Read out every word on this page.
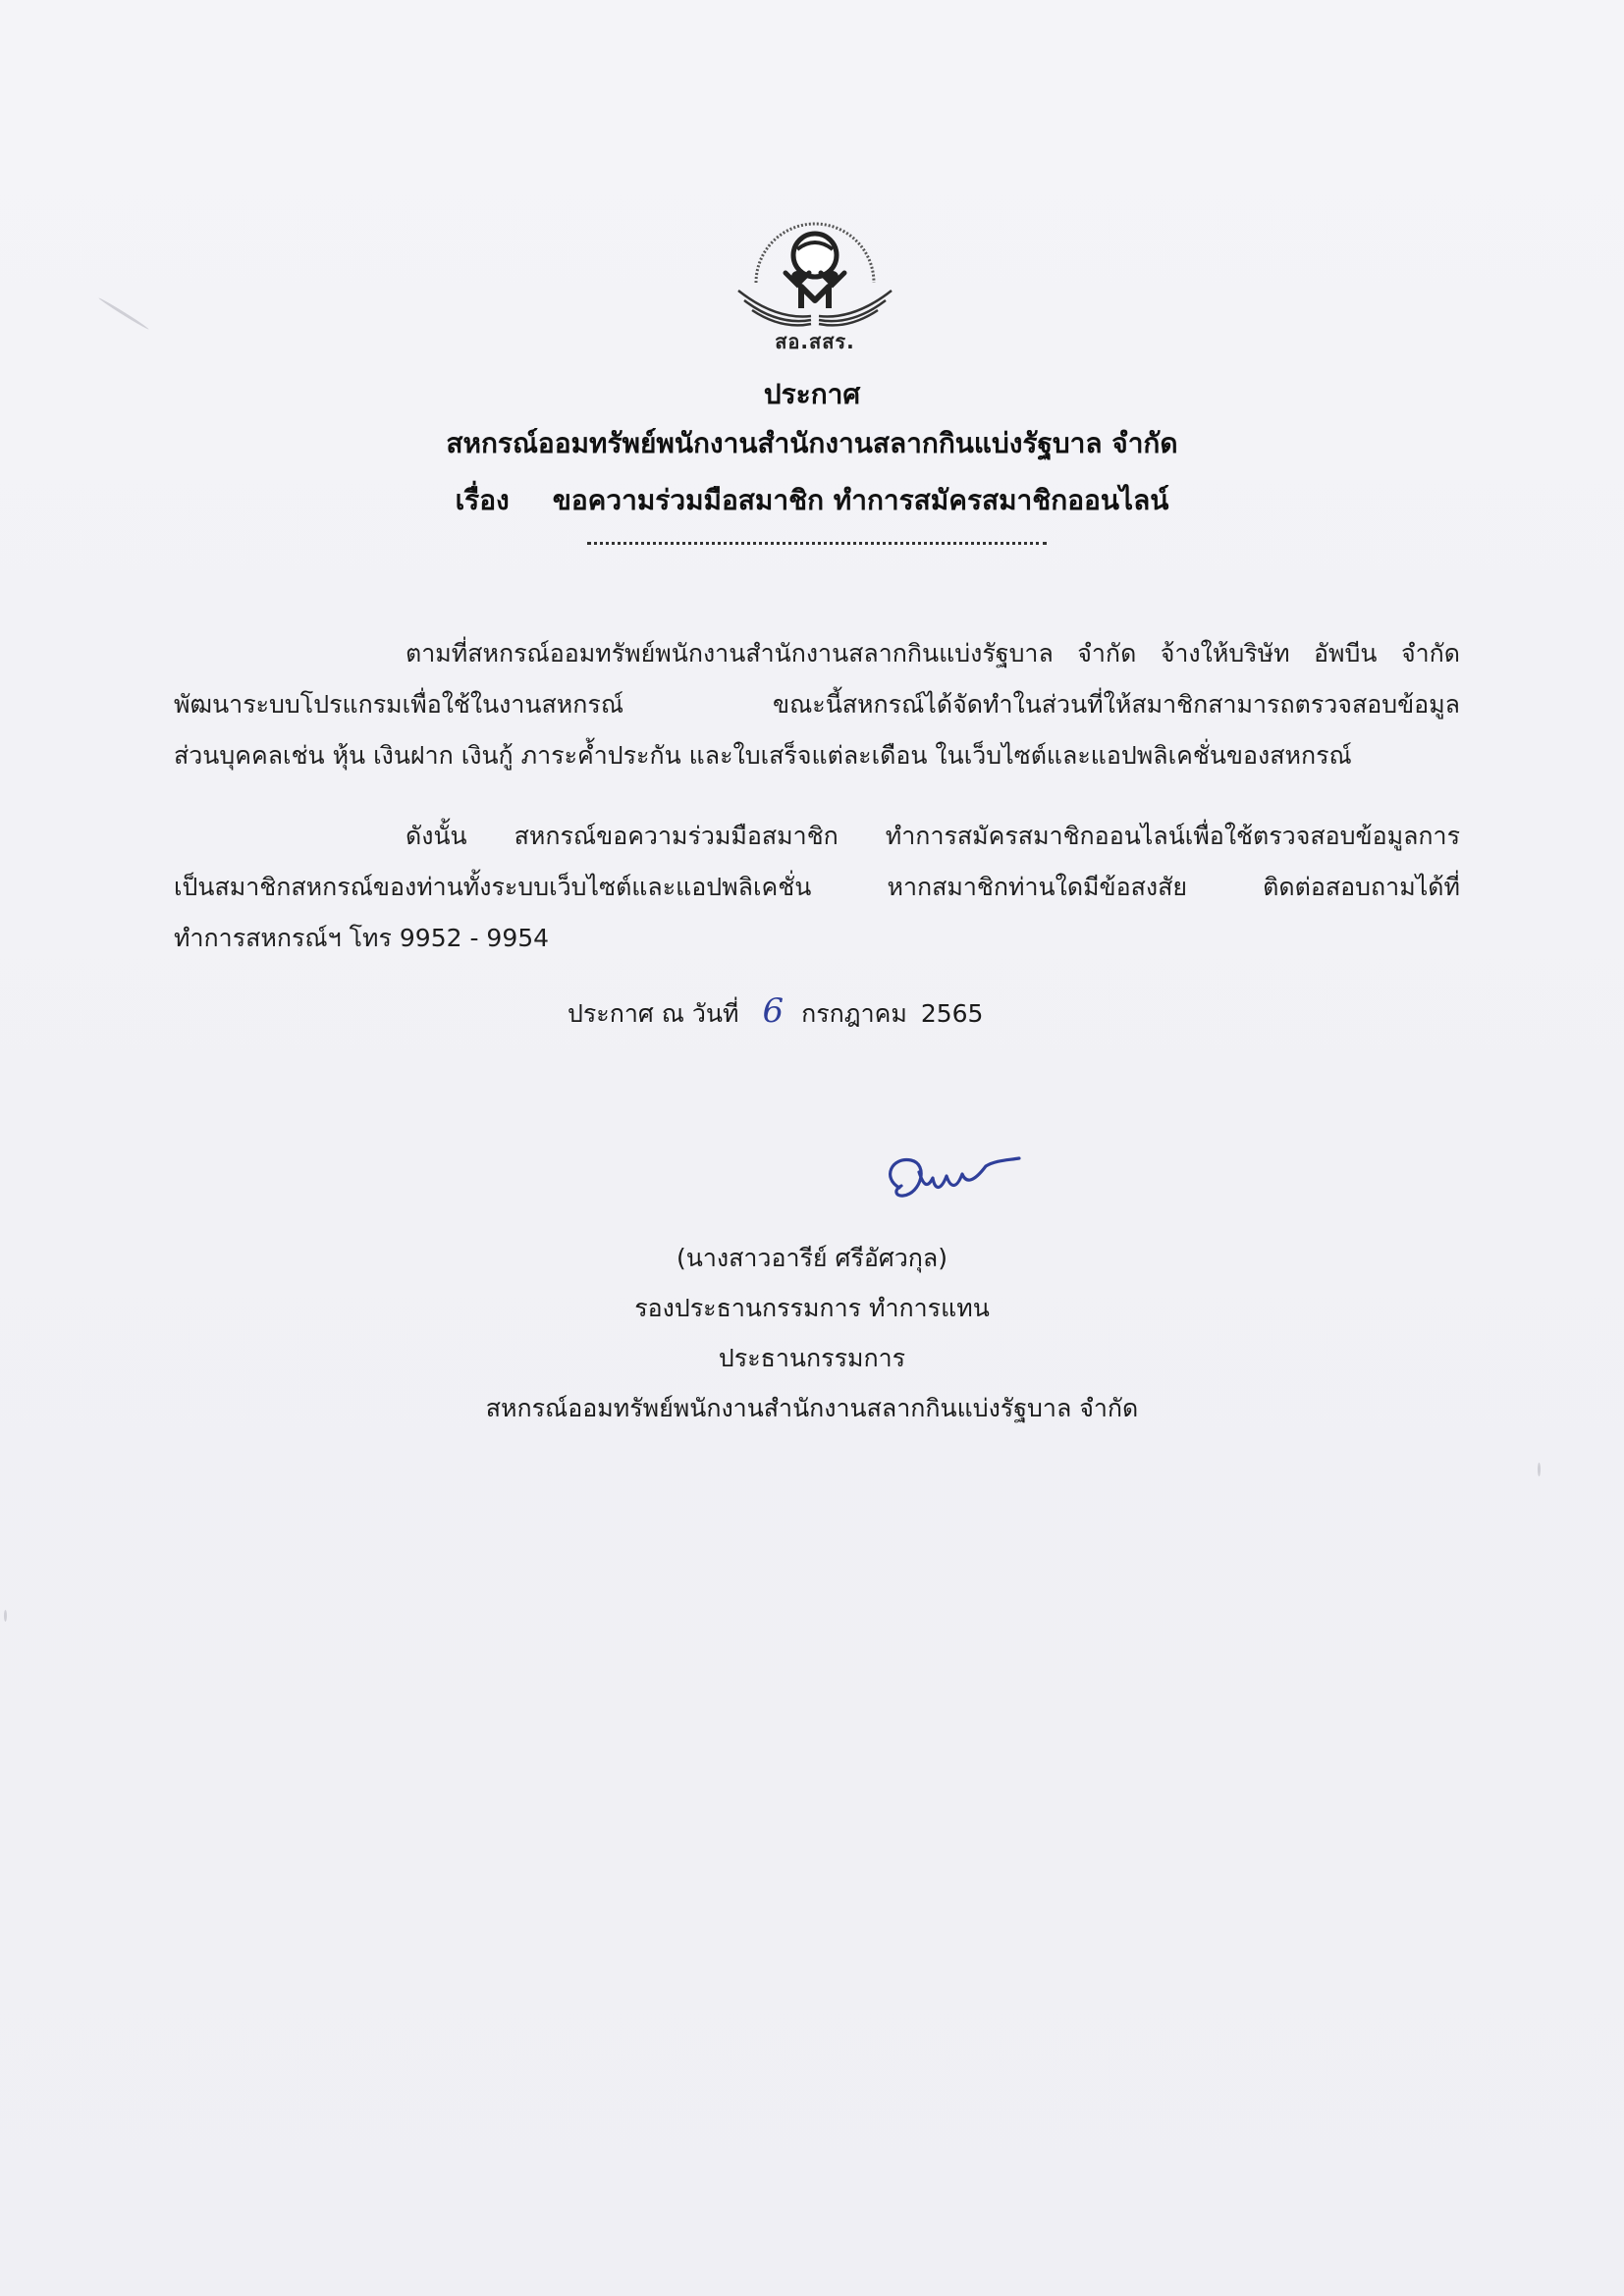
สอ.สสร.
ประกาศ
สหกรณ์ออมทรัพย์พนักงานสำนักงานสลากกินแบ่งรัฐบาล จำกัด
เรื่อง ขอความร่วมมือสมาชิก ทำการสมัครสมาชิกออนไลน์
ตามที่สหกรณ์ออมทรัพย์พนักงานสำนักงานสลากกินแบ่งรัฐบาล จำกัด จ้างให้บริษัท อัพบีน จำกัด
พัฒนาระบบโปรแกรมเพื่อใช้ในงานสหกรณ์ ขณะนี้สหกรณ์ได้จัดทำในส่วนที่ให้สมาชิกสามารถตรวจสอบข้อมูล
ส่วนบุคคลเช่น หุ้น เงินฝาก เงินกู้ ภาระค้ำประกัน และใบเสร็จแต่ละเดือน ในเว็บไซต์และแอปพลิเคชั่นของสหกรณ์
ดังนั้น สหกรณ์ขอความร่วมมือสมาชิก ทำการสมัครสมาชิกออนไลน์เพื่อใช้ตรวจสอบข้อมูลการ
เป็นสมาชิกสหกรณ์ของท่านทั้งระบบเว็บไซต์และแอปพลิเคชั่น หากสมาชิกท่านใดมีข้อสงสัย ติดต่อสอบถามได้ที่
ทำการสหกรณ์ฯ โทร 9952 - 9954
ประกาศ ณ วันที่ 6 กรกฎาคม 2565
(นางสาวอารีย์ ศรีอัศวกุล)
รองประธานกรรมการ ทำการแทน
ประธานกรรมการ
สหกรณ์ออมทรัพย์พนักงานสำนักงานสลากกินแบ่งรัฐบาล จำกัด
